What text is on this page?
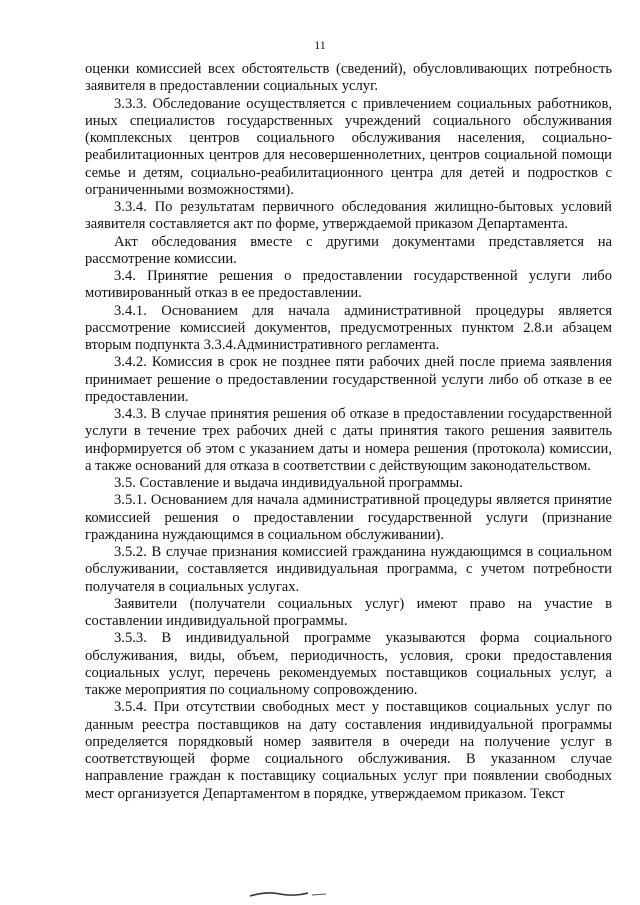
11

оценки комиссией всех обстоятельств (сведений), обусловливающих потребность заявителя в предоставлении социальных услуг.

3.3.3. Обследование осуществляется с привлечением социальных работников, иных специалистов государственных учреждений социального обслуживания (комплексных центров социального обслуживания населения, социально-реабилитационных центров для несовершеннолетних, центров социальной помощи семье и детям, социально-реабилитационного центра для детей и подростков с ограниченными возможностями).

3.3.4. По результатам первичного обследования жилищно-бытовых условий заявителя составляется акт по форме, утверждаемой приказом Департамента.

Акт обследования вместе с другими документами представляется на рассмотрение комиссии.

3.4. Принятие решения о предоставлении государственной услуги либо мотивированный отказ в ее предоставлении.

3.4.1. Основанием для начала административной процедуры является рассмотрение комиссией документов, предусмотренных пунктом 2.8.и абзацем вторым подпункта 3.3.4.Административного регламента.

3.4.2. Комиссия в срок не позднее пяти рабочих дней после приема заявления принимает решение о предоставлении государственной услуги либо об отказе в ее предоставлении.

3.4.3. В случае принятия решения об отказе в предоставлении государственной услуги в течение трех рабочих дней с даты принятия такого решения заявитель информируется об этом с указанием даты и номера решения (протокола) комиссии, а также оснований для отказа в соответствии с действующим законодательством.

3.5. Составление и выдача индивидуальной программы.

3.5.1. Основанием для начала административной процедуры является принятие комиссией решения о предоставлении государственной услуги (признание гражданина нуждающимся в социальном обслуживании).

3.5.2. В случае признания комиссией гражданина нуждающимся в социальном обслуживании, составляется индивидуальная программа, с учетом потребности получателя в социальных услугах.

Заявители (получатели социальных услуг) имеют право на участие в составлении индивидуальной программы.

3.5.3. В индивидуальной программе указываются форма социального обслуживания, виды, объем, периодичность, условия, сроки предоставления социальных услуг, перечень рекомендуемых поставщиков социальных услуг, а также мероприятия по социальному сопровождению.

3.5.4. При отсутствии свободных мест у поставщиков социальных услуг по данным реестра поставщиков на дату составления индивидуальной программы определяется порядковый номер заявителя в очереди на получение услуг в соответствующей форме социального обслуживания. В указанном случае направление граждан к поставщику социальных услуг при появлении свободных мест организуется Департаментом в порядке, утверждаемом приказом. Текст
